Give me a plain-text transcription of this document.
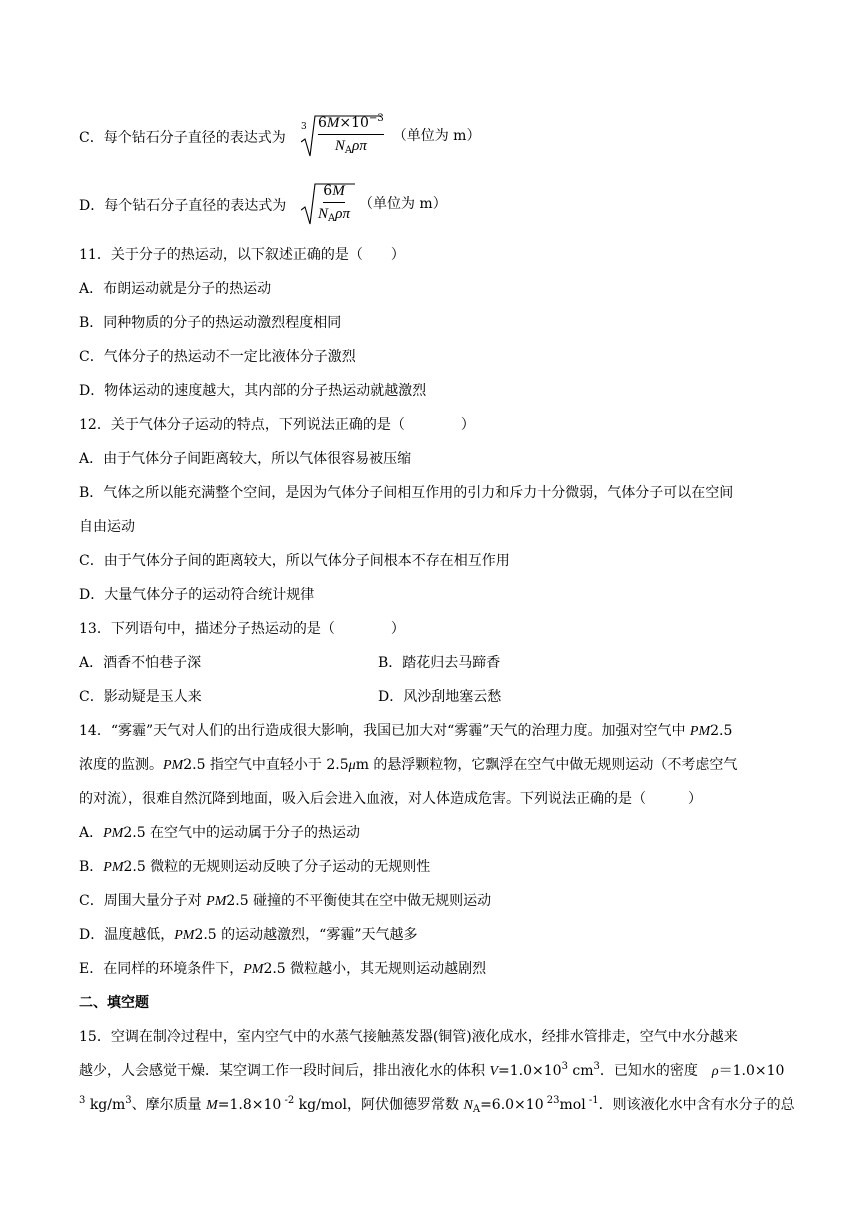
C．每个钻石分子直径的表达式为
$3 \frac{6M\times 10^{-3}}{N_A\rho\pi}$ （单位为 m）
D．每个钻石分子直径的表达式为 $\frac{6M}{N_A\rho\pi}$ （单位为 m）
11．关于分子的热运动，以下叙述正确的是（　　）
A．布朗运动就是分子的热运动
B．同种物质的分子的热运动激烈程度相同
C．气体分子的热运动不一定比液体分子激烈
D．物体运动的速度越大，其内部的分子热运动就越激烈
12．关于气体分子运动的特点，下列说法正确的是（　　　　）
A．由于气体分子间距离较大，所以气体很容易被压缩
B．气体之所以能充满整个空间，是因为气体分子间相互作用的引力和斥力十分微弱，气体分子可以在空间
自由运动
C．由于气体分子间的距离较大，所以气体分子间根本不存在相互作用
D．大量气体分子的运动符合统计规律
13．下列语句中，描述分子热运动的是（　　　　）
A．酒香不怕巷子深	B．踏花归去马蹄香
C．影动疑是玉人来	D．风沙刮地塞云愁
14．“雾霾”天气对人们的出行造成很大影响，我国已加大对“雾霾”天气的治理力度。加强对空气中 PM2.5
浓度的监测。PM2.5 指空气中直轻小于 2.5μm 的悬浮颗粒物，它飘浮在空气中做无规则运动（不考虑空气
的对流），很难自然沉降到地面，吸入后会进入血液，对人体造成危害。下列说法正确的是（　　　）
A．PM2.5 在空气中的运动属于分子的热运动
B．PM2.5 微粒的无规则运动反映了分子运动的无规则性
C．周围大量分子对 PM2.5 碰撞的不平衡使其在空中做无规则运动
D．温度越低，PM2.5 的运动越激烈，“雾霾”天气越多
E．在同样的环境条件下，PM2.5 微粒越小，其无规则运动越剧烈
二、填空题
15．空调在制冷过程中，室内空气中的水蒸气接触蒸发器(铜管)液化成水，经排水管排走，空气中水分越来
越少，人会感觉干燥．某空调工作一段时间后，排出液化水的体积 $V=1.0\times 10^3$ $cm^3$．已知水的密度　ρ＝1.0×10
$^3$ $kg/m^3$、摩尔质量 M=1.8×10 $^{-2}$ kg/mol，阿伏伽德罗常数 $N_A=6.0\times 10$ $^{23}$mol $^{-1}$．则该液化水中含有水分子的总
